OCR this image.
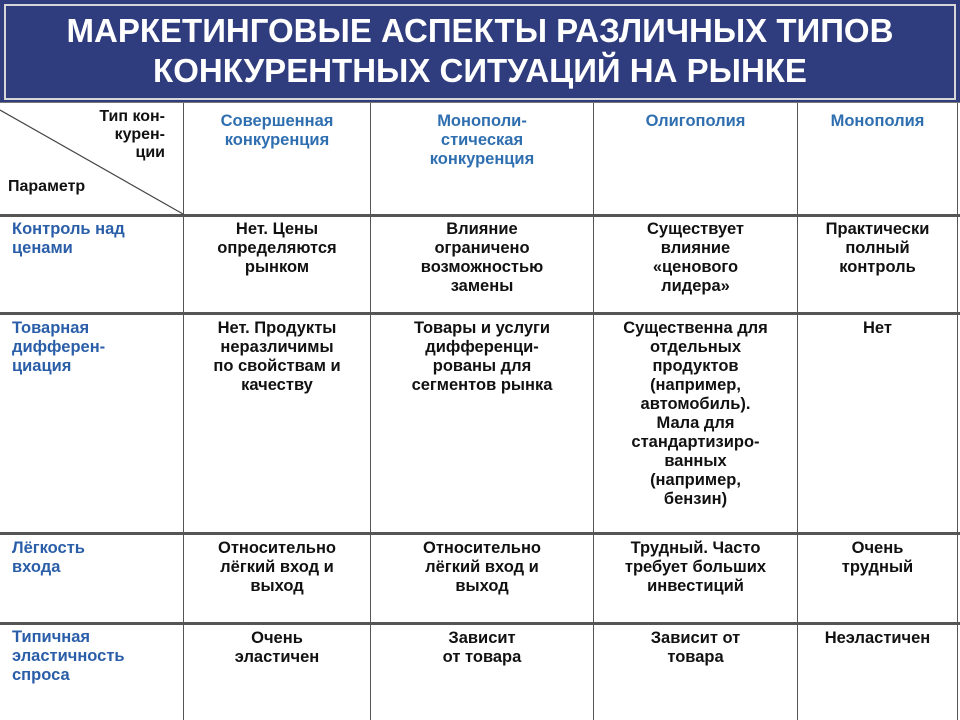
МАРКЕТИНГОВЫЕ АСПЕКТЫ РАЗЛИЧНЫХ ТИПОВ
КОНКУРЕНТНЫХ СИТУАЦИЙ НА РЫНКЕ
Тип кон-
курен-
ции
Параметр
Совершенная
конкуренция
Монополи-
стическая
конкуренция
Олигополия	Монополия
Контроль над
ценами
Нет. Цены
определяются
рынком
Влияние
ограничено
возможностью
замены
Существует
влияние
«ценового
лидера»
Практически
полный
контроль
Товарная
дифферен-
циация
Нет. Продукты
неразличимы
по свойствам и
качеству
Товары и услуги
дифференци-
рованы для
сегментов рынка
Существенна для
отдельных
продуктов
(например,
автомобиль).
Мала для
стандартизиро-
ванных
(например,
бензин)
Нет
Лёгкость
входа
Относительно
лёгкий вход и
выход
Относительно
лёгкий вход и
выход
Трудный. Часто
требует больших
инвестиций
Очень
трудный
Типичная
эластичность
спроса
Очень
эластичен
Зависит
от товара
Зависит от
товара
Неэластичен
